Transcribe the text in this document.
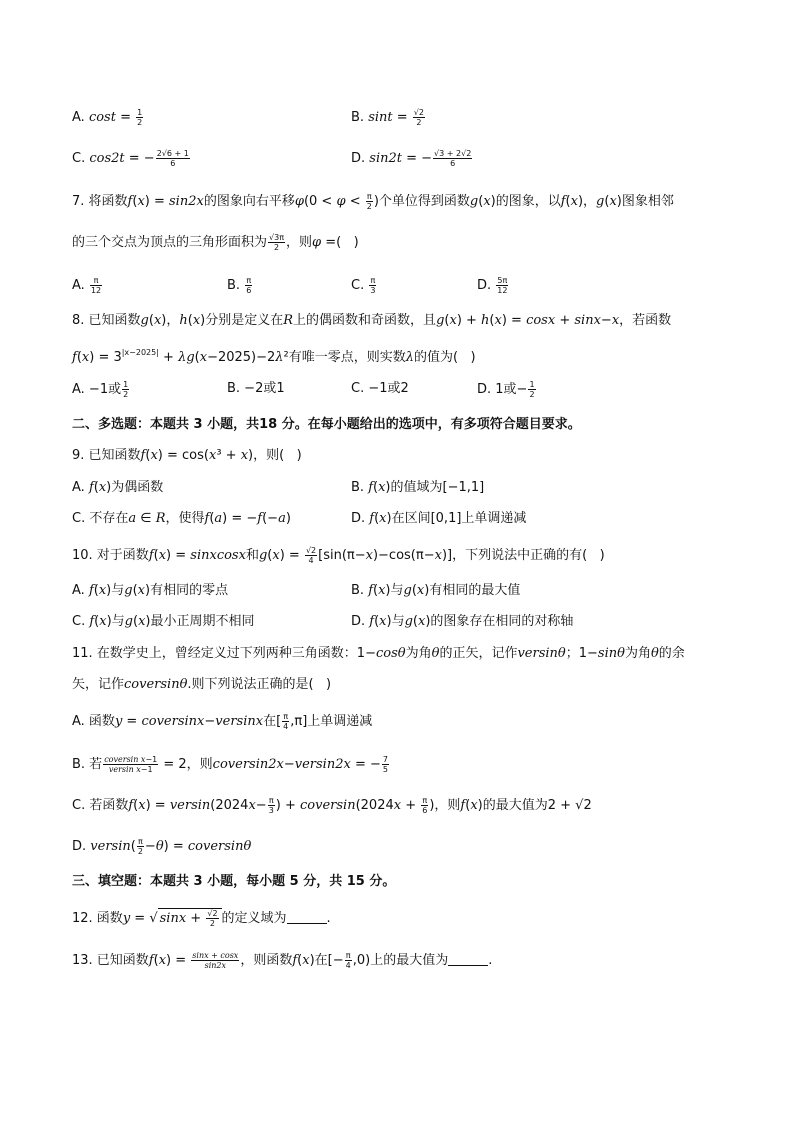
A. $\cos t = \frac{1}{2}$	B. $\sin t = \frac{√2}{2}$
C. cos2t = − $\frac{2√6 + 1}{6}$	D. sin2t = − $\frac{√3 + 2√2}{6}$
7. 将函数f(x) = sin2x的图象向右平移$\varphi(0 < \varphi < \frac{\pi}{2}$ )个单位得到函数g(x)的图象，以f(x)，g(x)图象相邻
的三个交点为顶点的三角形面积为 $\frac{√3\pi}{2}$ ，则φ =(   )
A. $\frac{\pi}{12}$	B. $\frac{\pi}{6}$	C. $\frac{\pi}{3}$	D. $\frac{5\pi}{12}$
8. 已知函数g(x)，h(x)分别是定义在R上的偶函数和奇函数，且g(x) + h(x) = cosx + sinx−x，若函数
$f(x) = 3^{|x-2025|} + \lambda g(x-2025)-2\lambda^2$有唯一零点，则实数λ的值为(   )
A. −1或 $\frac{1}{2}$	B. −2或1	C. −1或2	D. 1或− $\frac{1}{2}$
二、多选题：本题共 3 小题，共18 分。在每小题给出的选项中，有多项符合题目要求。
9. 已知函数f(x) = cos(x³ + x)，则(   )
A. f(x)为偶函数	B. f(x)的值域为[−1,1]
C. 不存在a ∈ R，使得f(a) = −f(−a)	D. f(x)在区间[0,1]上单调递减
10. 对于函数f(x) = sinxcosx和$g(x) = \frac{√2}{4} [\sin(\pi-x)-\cos(\pi-x)]$，下列说法中正确的有(   )
A. f(x)与g(x)有相同的零点	B. f(x)与g(x)有相同的最大值
C. f(x)与g(x)最小正周期不相同	D. f(x)与g(x)的图象存在相同的对称轴
11. 在数学史上，曾经定义过下列两种三角函数：1−cosθ为角θ的正矢，记作versinθ；1−sinθ为角θ的余
矢，记作coversinθ.则下列说法正确的是(   )
A. 函数y = coversinx−versinx在[ $\frac{\pi}{4} ,\pi$]上单调递减
B. 若 $\frac{\text{coversin x−1}}{\text{versin x−1}} = 2$，则coversin2x−versin2x = − $\frac{7}{5}$
C. 若函数$f(x) = versin(2024x- \frac{\pi}{3}$ ) + coversin(2024x + $\frac{\pi}{6}$ )，则f(x)的最大值为2 + √2
D. $versin( \frac{\pi}{2} -\theta)$ = coversinθ
三、填空题：本题共 3 小题，每小题 5 分，共 15 分。
12. 函数y = √ $\sin x + \frac{√2}{2}$ 的定义域为	.
13. 已知函数$f(x) = \frac{\sin x + \cos x}{\sin 2x}$ ，则函数f(x)在[− $\frac{\pi}{4} ,0$)上的最大值为	.
